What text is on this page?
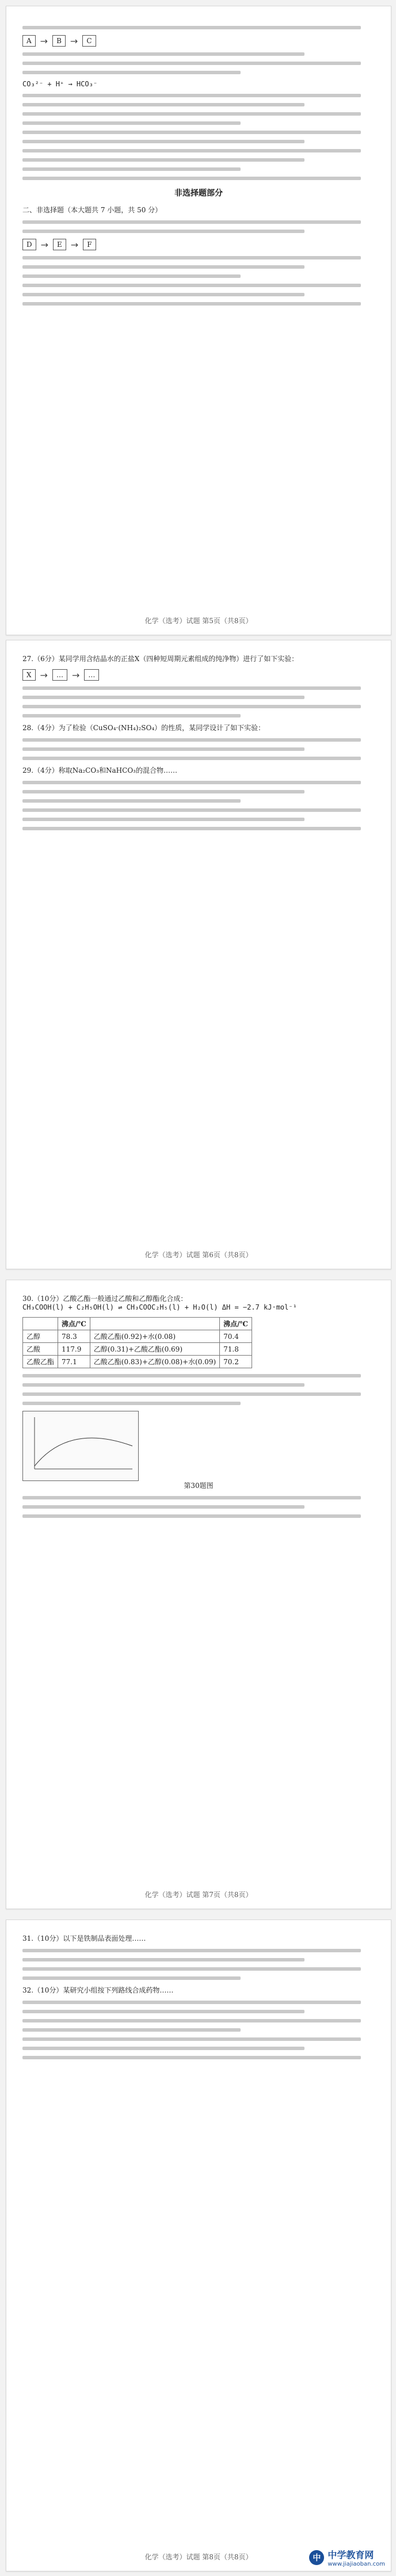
A →	B →	C
CO₃²⁻ + H⁺ → HCO₃⁻
非选择题部分
二、非选择题（本大题共 7 小题，共 50 分）
D →	E →	F
化学（选考）试题 第5页（共8页）
27.（6分）某同学用含结晶水的正盐X（四种短周期元素组成的纯净物）进行了如下实验：
X →	… →	…
28.（4分）为了检验（CuSO₄·(NH₄)₂SO₄）的性质，某同学设计了如下实验：
29.（4分）称取Na₂CO₃和NaHCO₃的混合物……
化学（选考）试题 第6页（共8页）
30.（10分）乙酸乙酯一般通过乙酸和乙醇酯化合成：
CH₃COOH(l) + C₂H₅OH(l) ⇌ CH₃COOC₂H₅(l) + H₂O(l) ΔH = −2.7 kJ·mol⁻¹
	沸点/℃		沸点/℃
乙醇	78.3	乙酸乙酯(0.92)+水(0.08)	70.4
乙酸	117.9	乙醇(0.31)+乙酸乙酯(0.69)	71.8
乙酸乙酯	77.1	乙酸乙酯(0.83)+乙醇(0.08)+水(0.09)	70.2
第30题图
化学（选考）试题 第7页（共8页）
31.（10分）以下是铁制品表面处理……
32.（10分）某研究小组按下列路线合成药物……
化学（选考）试题 第8页（共8页）	中 中学教育网
www.jiajiaoban.com
